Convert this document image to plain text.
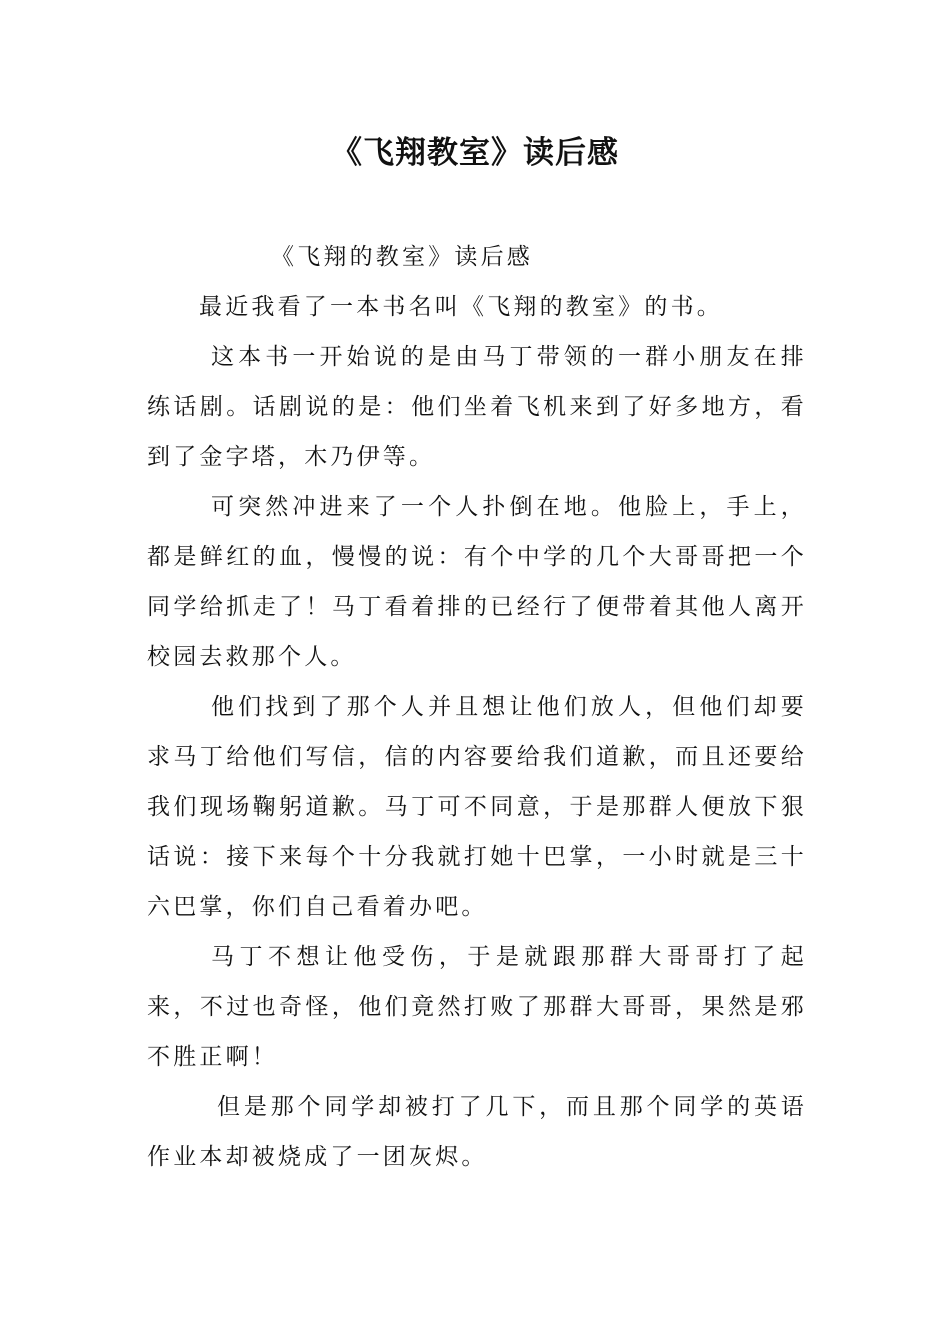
《飞翔教室》读后感

《飞翔的教室》读后感

最近我看了一本书名叫《飞翔的教室》的书。

这本书一开始说的是由马丁带领的一群小朋友在排练话剧。话剧说的是：他们坐着飞机来到了好多地方，看到了金字塔，木乃伊等。

可突然冲进来了一个人扑倒在地。他脸上，手上，都是鲜红的血，慢慢的说：有个中学的几个大哥哥把一个同学给抓走了！马丁看着排的已经行了便带着其他人离开校园去救那个人。

他们找到了那个人并且想让他们放人，但他们却要求马丁给他们写信，信的内容要给我们道歉，而且还要给我们现场鞠躬道歉。马丁可不同意，于是那群人便放下狠话说：接下来每个十分我就打她十巴掌，一小时就是三十六巴掌，你们自己看着办吧。

马丁不想让他受伤，于是就跟那群大哥哥打了起来，不过也奇怪，他们竟然打败了那群大哥哥，果然是邪不胜正啊！

但是那个同学却被打了几下，而且那个同学的英语作业本却被烧成了一团灰烬。
